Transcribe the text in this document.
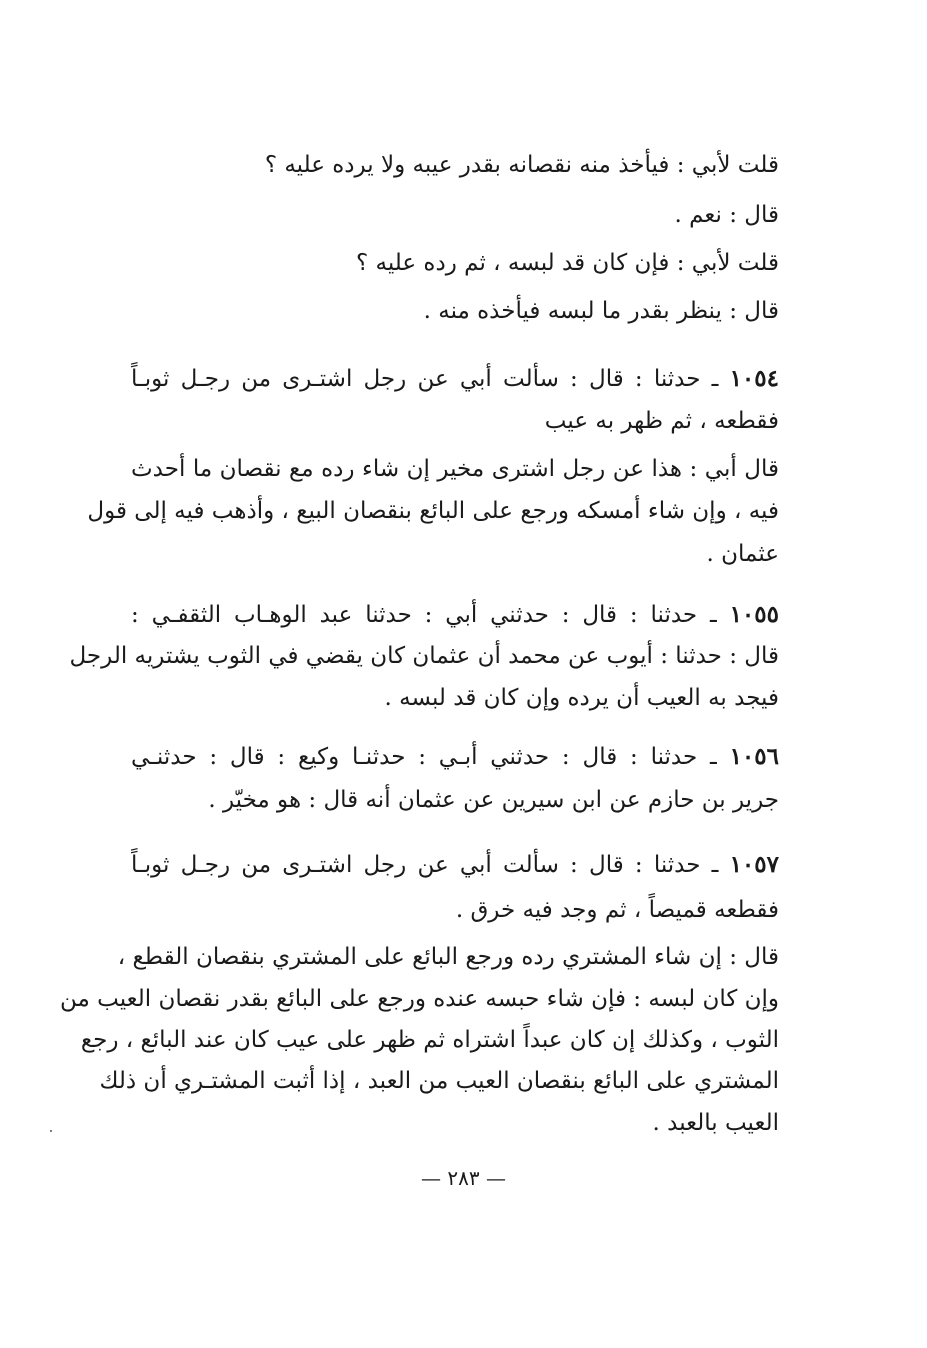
قلت لأبي : فيأخذ منه نقصانه بقدر عيبه ولا يرده عليه ؟
قال : نعم .
قلت لأبي : فإن كان قد لبسه ، ثم رده عليه ؟
قال : ينظر بقدر ما لبسه فيأخذه منه .
١٠٥٤ ـ حدثنا : قال : سألت أبي عن رجل اشتـرى من رجـل ثوبـاً
فقطعه ، ثم ظهر به عيب
قال أبي : هذا عن رجل اشترى مخير إن شاء رده مع نقصان ما أحدث
فيه ، وإن شاء أمسكه ورجع على البائع بنقصان البيع ، وأذهب فيه إلى قول
عثمان .
١٠٥٥ ـ حدثنا : قال : حدثني أبي : حدثنا عبد الوهـاب الثقفـي :
قال : حدثنا : أيوب عن محمد أن عثمان كان يقضي في الثوب يشتريه الرجل
فيجد به العيب أن يرده وإن كان قد لبسه .
١٠٥٦ ـ حدثنا : قال : حدثني أبـي : حدثنـا وكيع : قال : حدثنـي
جرير بن حازم عن ابن سيرين عن عثمان أنه قال : هو مخيّر .
١٠٥٧ ـ حدثنا : قال : سألت أبي عن رجل اشتـرى من رجـل ثوبـاً
فقطعه قميصاً ، ثم وجد فيه خرق .
قال : إن شاء المشتري رده ورجع البائع على المشتري بنقصان القطع ،
وإن كان لبسه : فإن شاء حبسه عنده ورجع على البائع بقدر نقصان العيب من
الثوب ، وكذلك إن كان عبداً اشتراه ثم ظهر على عيب كان عند البائع ، رجع
المشتري على البائع بنقصان العيب من العبد ، إذا أثبت المشتـري أن ذلك
العيب بالعبد .
— ٢٨٣ —
